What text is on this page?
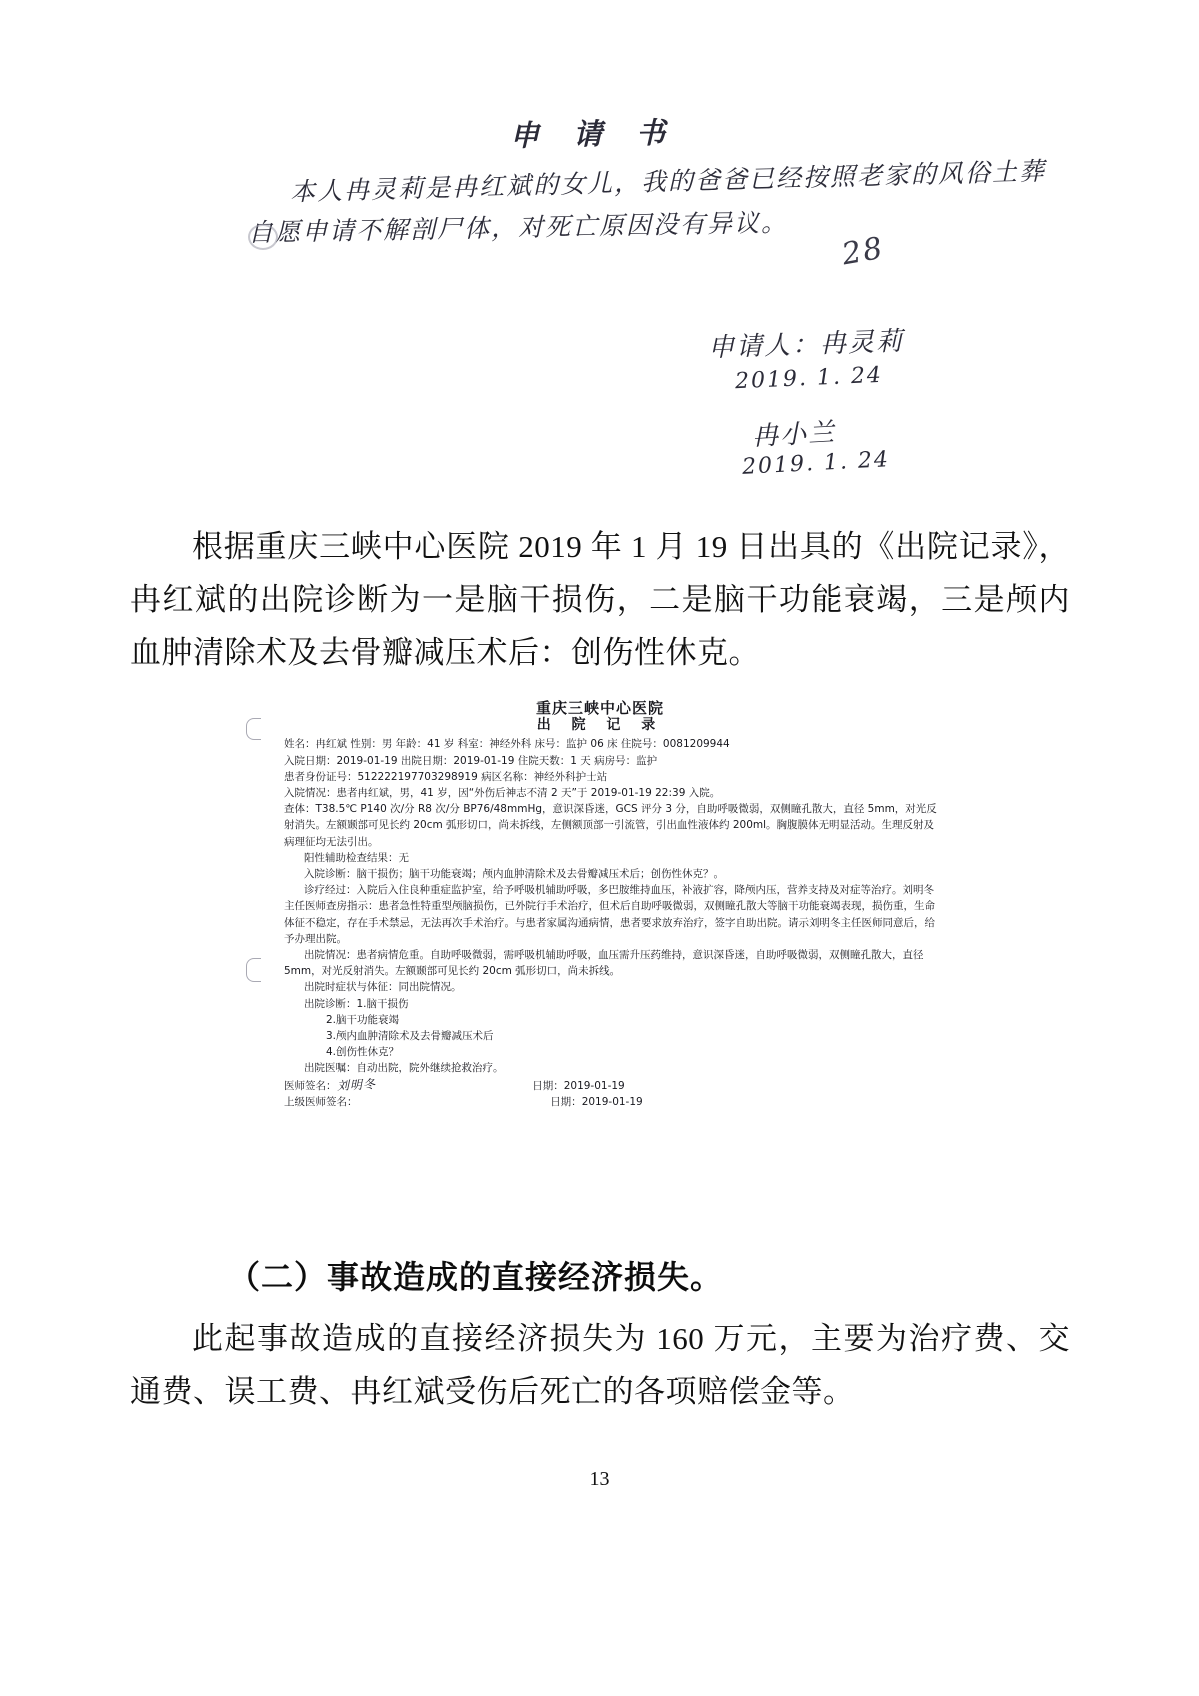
申 请 书
本人冉灵莉是冉红斌的女儿，我的爸爸已经按照老家的风俗土葬
自愿申请不解剖尸体，对死亡原因没有异议。
28
申请人：冉灵莉
2019. 1. 24
冉小兰
2019. 1. 24
根据重庆三峡中心医院 2019 年 1 月 19 日出具的《出院记录》，冉红斌的出院诊断为一是脑干损伤，二是脑干功能衰竭，三是颅内血肿清除术及去骨瓣减压术后：创伤性休克。
重庆三峡中心医院
出 院 记 录
姓名：冉红斌 性别：男 年龄：41 岁 科室：神经外科 床号：监护 06 床 住院号：0081209944
入院日期：2019-01-19 出院日期：2019-01-19 住院天数：1 天 病房号：监护
患者身份证号：512222197703298919 病区名称：神经外科护士站
入院情况：患者冉红斌，男，41 岁，因“外伤后神志不清 2 天”于 2019-01-19 22:39 入院。
查体：T38.5℃ P140 次/分 R8 次/分 BP76/48mmHg，意识深昏迷，GCS 评分 3 分，自助呼吸微弱，双侧瞳孔散大，直径 5mm，对光反射消失。左额颞部可见长约 20cm 弧形切口，尚未拆线，左侧额顶部一引流管，引出血性液体约 200ml。胸腹膜体无明显活动。生理反射及病理征均无法引出。
阳性辅助检查结果：无
入院诊断：脑干损伤；脑干功能衰竭；颅内血肿清除术及去骨瓣减压术后；创伤性休克？。
诊疗经过：入院后入住良种重症监护室，给予呼吸机辅助呼吸，多巴胺维持血压，补液扩容，降颅内压，营养支持及对症等治疗。刘明冬主任医师查房指示：患者急性特重型颅脑损伤，已外院行手术治疗，但术后自助呼吸微弱，双侧瞳孔散大等脑干功能衰竭表现，损伤重，生命体征不稳定，存在手术禁忌，无法再次手术治疗。与患者家属沟通病情，患者要求放弃治疗，签字自助出院。请示刘明冬主任医师同意后，给予办理出院。
出院情况：患者病情危重。自助呼吸微弱，需呼吸机辅助呼吸，血压需升压药维持，意识深昏迷，自助呼吸微弱，双侧瞳孔散大，直径 5mm，对光反射消失。左额颞部可见长约 20cm 弧形切口，尚未拆线。
出院时症状与体征：同出院情况。
出院诊断：1.脑干损伤
2.脑干功能衰竭
3.颅内血肿清除术及去骨瓣减压术后
4.创伤性休克？
出院医嘱：自动出院，院外继续抢救治疗。
医师签名：刘明冬	日期：2019-01-19
上级医师签名：	日期：2019-01-19
（二）事故造成的直接经济损失。
此起事故造成的直接经济损失为 160 万元，主要为治疗费、交通费、误工费、冉红斌受伤后死亡的各项赔偿金等。
13
